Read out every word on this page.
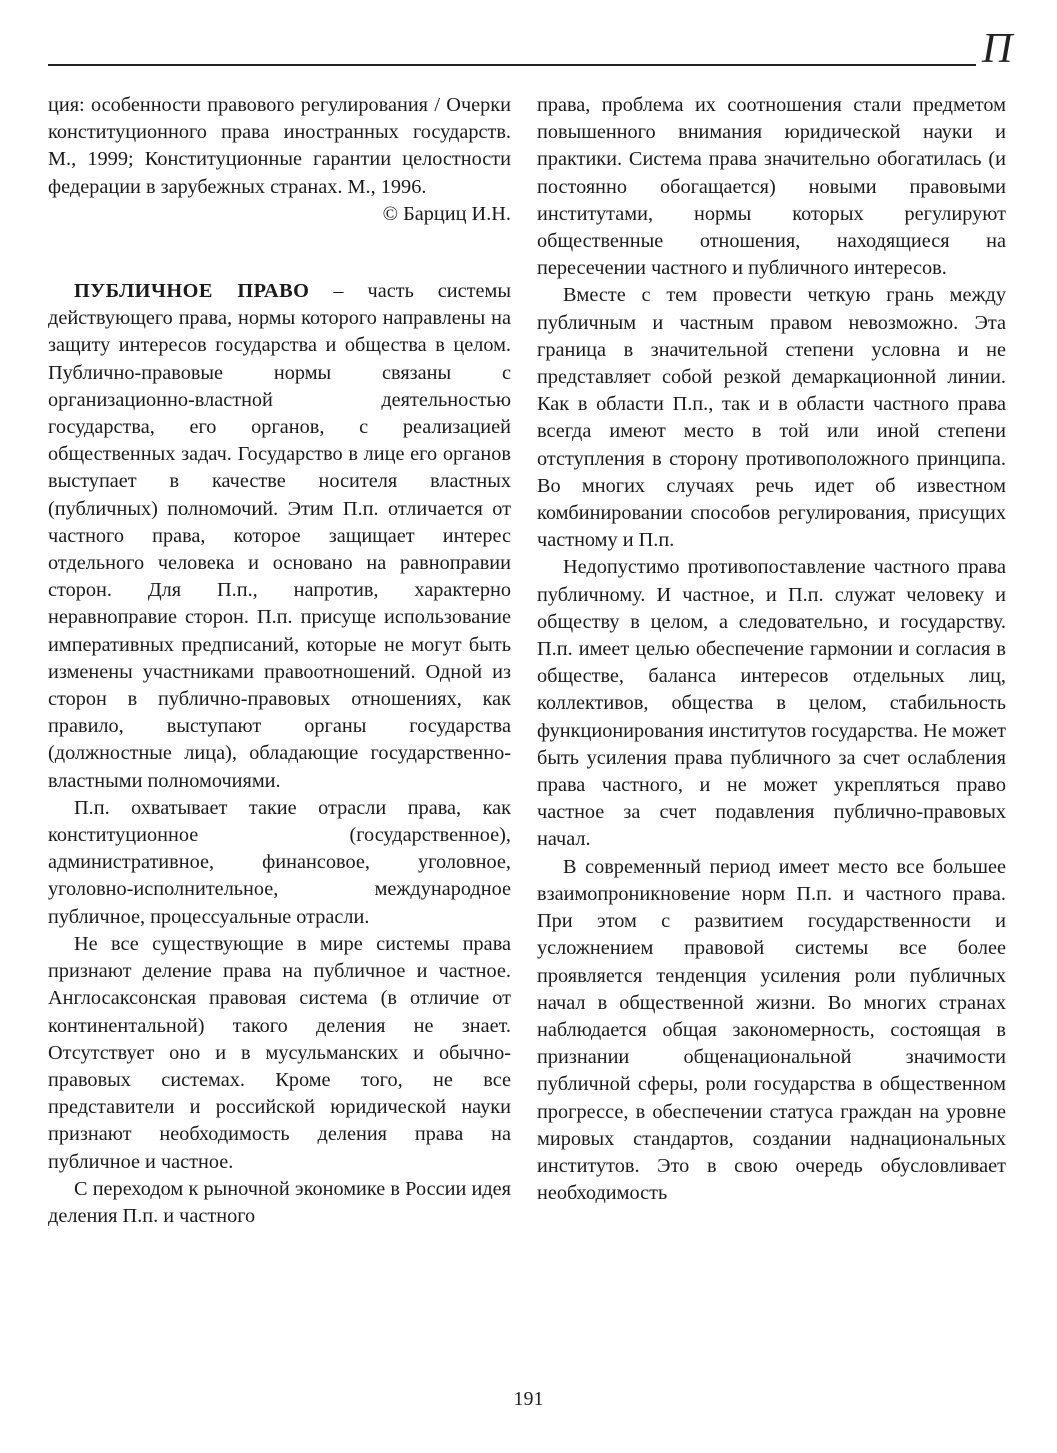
П

ция: особенности правового регулирования / Очерки конституционного права иностранных государств. М., 1999; Конституционные гарантии целостности федерации в зарубежных странах. М., 1996.

© Барциц И.Н.

ПУБЛИЧНОЕ ПРАВО – часть системы действующего права, нормы которого направлены на защиту интересов государства и общества в целом. Публично-правовые нормы связаны с организационно-властной деятельностью государства, его органов, с реализацией общественных задач. Государство в лице его органов выступает в качестве носителя властных (публичных) полномочий. Этим П.п. отличается от частного права, которое защищает интерес отдельного человека и основано на равноправии сторон. Для П.п., напротив, характерно неравноправие сторон. П.п. присуще использование императивных предписаний, которые не могут быть изменены участниками правоотношений. Одной из сторон в публично-правовых отношениях, как правило, выступают органы государства (должностные лица), обладающие государственно-властными полномочиями.

П.п. охватывает такие отрасли права, как конституционное (государственное), административное, финансовое, уголовное, уголовно-исполнительное, международное публичное, процессуальные отрасли.

Не все существующие в мире системы права признают деление права на публичное и частное. Англосаксонская правовая система (в отличие от континентальной) такого деления не знает. Отсутствует оно и в мусульманских и обычно-правовых системах. Кроме того, не все представители и российской юридической науки признают необходимость деления права на публичное и частное.

С переходом к рыночной экономике в России идея деления П.п. и частного

права, проблема их соотношения стали предметом повышенного внимания юридической науки и практики. Система права значительно обогатилась (и постоянно обогащается) новыми правовыми институтами, нормы которых регулируют общественные отношения, находящиеся на пересечении частного и публичного интересов.

Вместе с тем провести четкую грань между публичным и частным правом невозможно. Эта граница в значительной степени условна и не представляет собой резкой демаркационной линии. Как в области П.п., так и в области частного права всегда имеют место в той или иной степени отступления в сторону противоположного принципа. Во многих случаях речь идет об известном комбинировании способов регулирования, присущих частному и П.п.

Недопустимо противопоставление частного права публичному. И частное, и П.п. служат человеку и обществу в целом, а следовательно, и государству. П.п. имеет целью обеспечение гармонии и согласия в обществе, баланса интересов отдельных лиц, коллективов, общества в целом, стабильность функционирования институтов государства. Не может быть усиления права публичного за счет ослабления права частного, и не может укрепляться право частное за счет подавления публично-правовых начал.

В современный период имеет место все большее взаимопроникновение норм П.п. и частного права. При этом с развитием государственности и усложнением правовой системы все более проявляется тенденция усиления роли публичных начал в общественной жизни. Во многих странах наблюдается общая закономерность, состоящая в признании общенациональной значимости публичной сферы, роли государства в общественном прогрессе, в обеспечении статуса граждан на уровне мировых стандартов, создании наднациональных институтов. Это в свою очередь обусловливает необходимость

191
